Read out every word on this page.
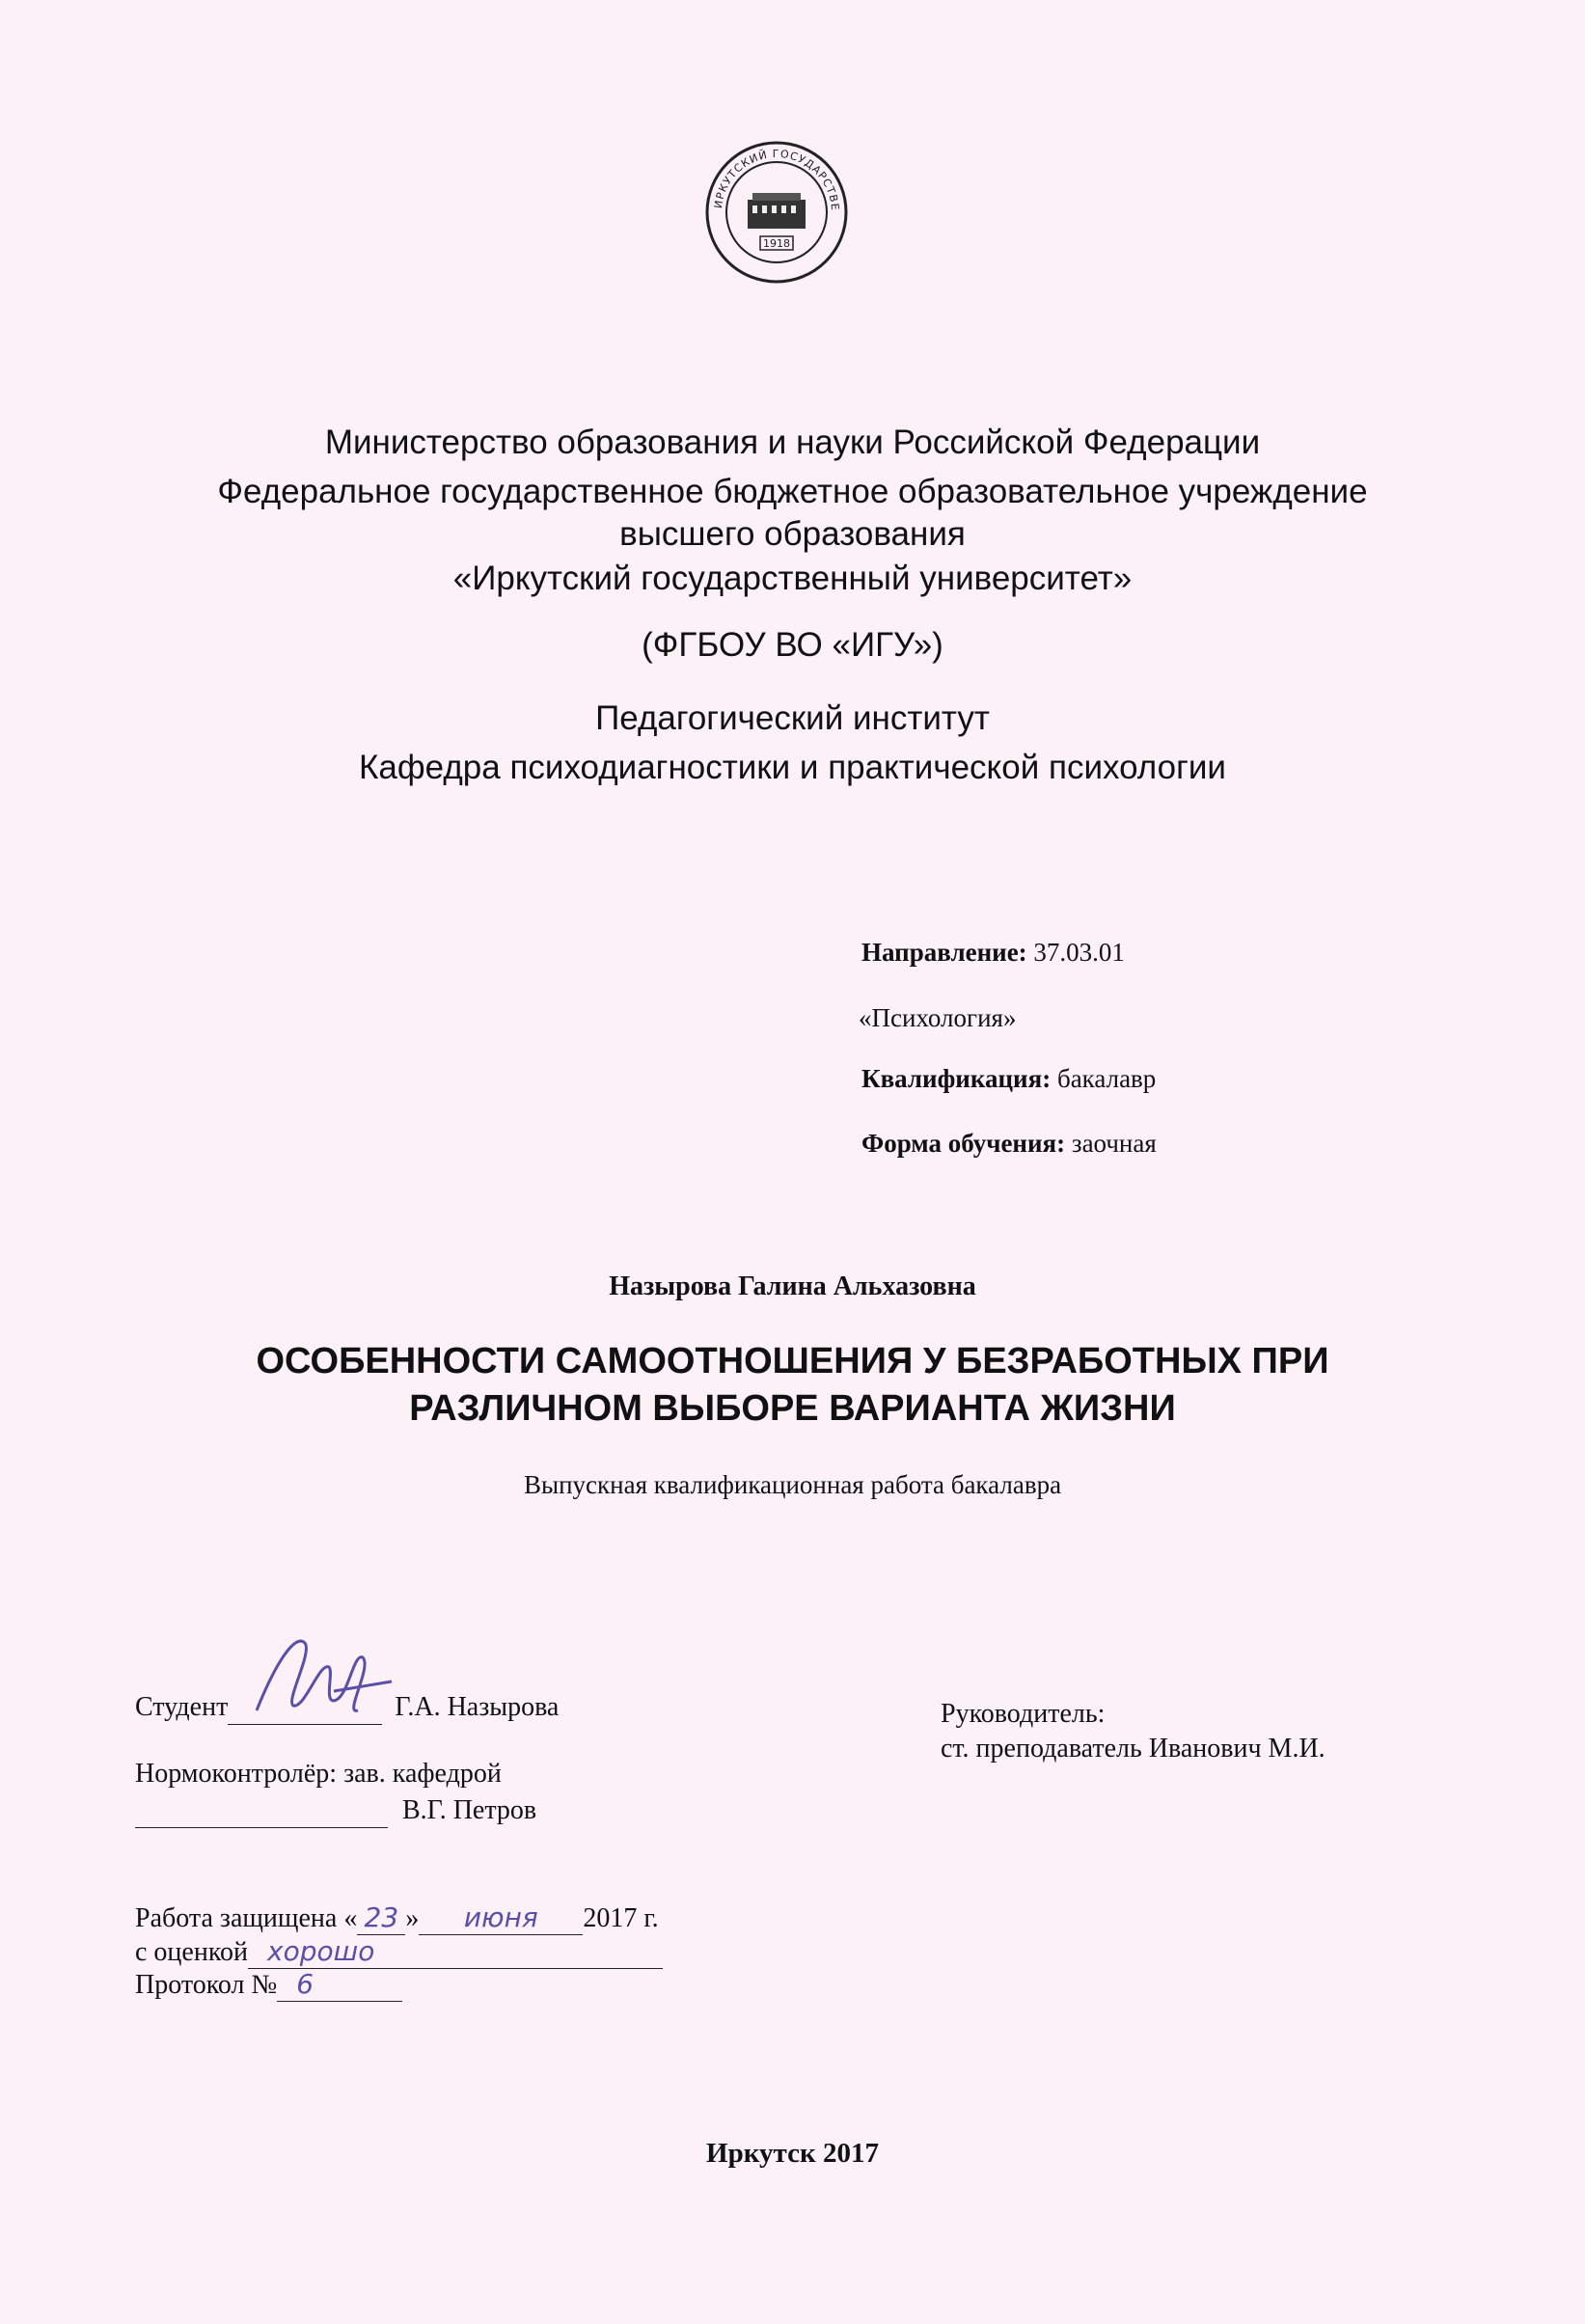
ИРКУТСКИЙ ГОСУДАРСТВЕ
1918
Министерство образования и науки Российской Федерации
Федеральное государственное бюджетное образовательное учреждение
высшего образования
«Иркутский государственный университет»
(ФГБОУ ВО «ИГУ»)
Педагогический институт
Кафедра психодиагностики и практической психологии
Направление: 37.03.01
«Психология»
Квалификация: бакалавр
Форма обучения: заочная
Назырова Галина Альхазовна
ОСОБЕННОСТИ САМООТНОШЕНИЯ У БЕЗРАБОТНЫХ ПРИ
РАЗЛИЧНОМ ВЫБОРЕ ВАРИАНТА ЖИЗНИ
Выпускная квалификационная работа бакалавра
Студент	Г.А. Назырова
Нормоконтролёр: зав. кафедрой
В.Г. Петров
Руководитель:
ст. преподаватель Иванович М.И.
Работа защищена « 23 » июня 2017 г.
с оценкой хорошо
Протокол № 6
Иркутск 2017
